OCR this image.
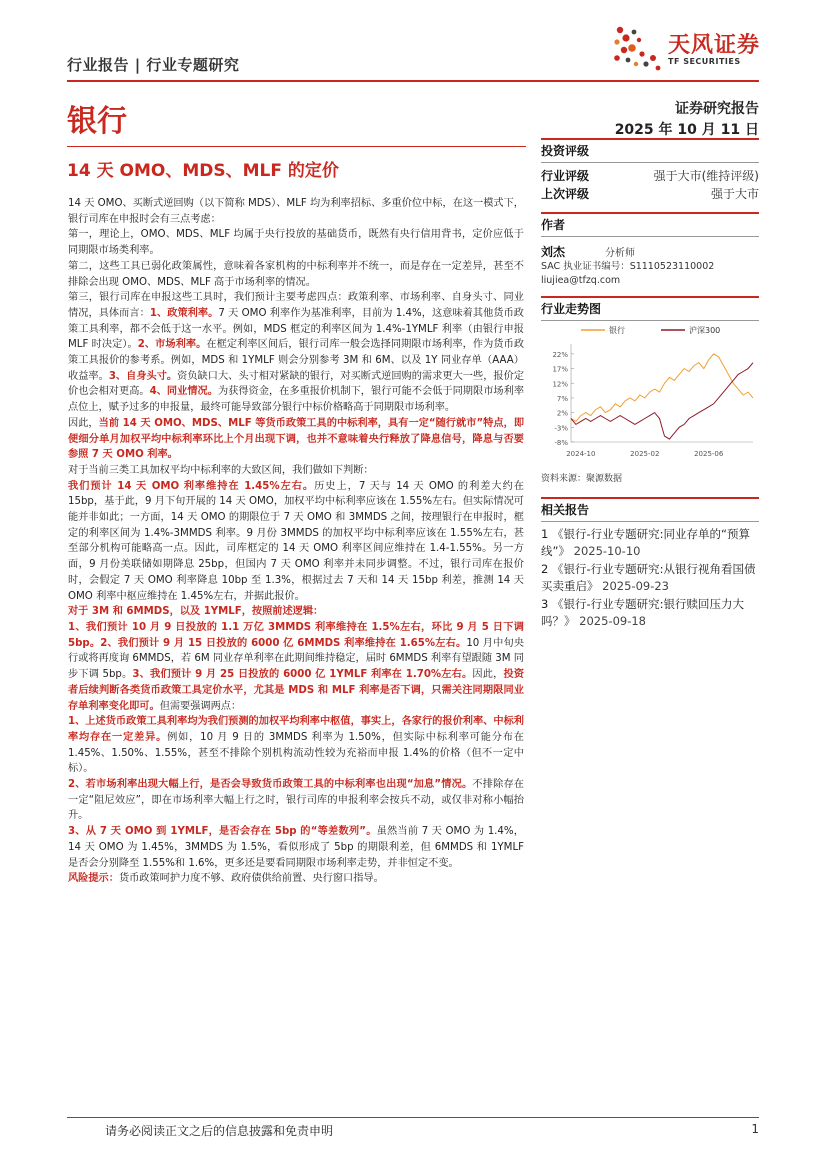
行业报告 | 行业专题研究
天风证券
TF SECURITIES
银行	证券研究报告
2025 年 10 月 11 日
14 天 OMO、MDS、MLF 的定价

14 天 OMO、买断式逆回购（以下简称 MDS）、MLF 均为利率招标、多重价位中标，在这一模式下，银行司库在申报时会有三点考虑：

第一，理论上，OMO、MDS、MLF 均属于央行投放的基础货币，既然有央行信用背书，定价应低于同期限市场类利率。

第二，这些工具已弱化政策属性，意味着各家机构的中标利率并不统一，而是存在一定差异，甚至不排除会出现 OMO、MDS、MLF 高于市场利率的情况。

第三，银行司库在申报这些工具时，我们预计主要考虑四点：政策利率、市场利率、自身头寸、同业情况，具体而言：1、政策利率。7 天 OMO 利率作为基准利率，目前为 1.4%，这意味着其他货币政策工具利率，都不会低于这一水平。例如，MDS 框定的利率区间为 1.4%-1YMLF 利率（由银行申报 MLF 时决定）。2、市场利率。在框定利率区间后，银行司库一般会选择同期限市场利率，作为货币政策工具报价的参考系。例如，MDS 和 1YMLF 则会分别参考 3M 和 6M、以及 1Y 同业存单（AAA）收益率。3、自身头寸。资负缺口大、头寸相对紧缺的银行，对买断式逆回购的需求更大一些，报价定价也会相对更高。4、同业情况。为获得资金，在多重报价机制下，银行可能不会低于同期限市场利率点位上，赋予过多的申报量，最终可能导致部分银行中标价格略高于同期限市场利率。

因此，当前 14 天 OMO、MDS、MLF 等货币政策工具的中标利率，具有一定“随行就市”特点，即便细分单月加权平均中标利率环比上个月出现下调，也并不意味着央行释放了降息信号，降息与否要参照 7 天 OMO 利率。

对于当前三类工具加权平均中标利率的大致区间，我们做如下判断：

我们预计 14 天 OMO 利率维持在 1.45%左右。历史上，7 天与 14 天 OMO 的利差大约在 15bp，基于此，9 月下旬开展的 14 天 OMO，加权平均中标利率应该在 1.55%左右。但实际情况可能并非如此；一方面，14 天 OMO 的期限位于 7 天 OMO 和 3MMDS 之间，按理银行在申报时，框定的利率区间为 1.4%-3MMDS 利率。9 月份 3MMDS 的加权平均中标利率应该在 1.55%左右，甚至部分机构可能略高一点。因此，司库框定的 14 天 OMO 利率区间应维持在 1.4-1.55%。另一方面，9 月份美联储如期降息 25bp，但国内 7 天 OMO 利率并未同步调整。不过，银行司库在报价时，会假定 7 天 OMO 利率降息 10bp 至 1.3%，根据过去 7 天和 14 天 15bp 利差，推测 14 天 OMO 利率中枢应维持在 1.45%左右，并据此报价。

对于 3M 和 6MMDS，以及 1YMLF，按照前述逻辑：

1、我们预计 10 月 9 日投放的 1.1 万亿 3MMDS 利率维持在 1.5%左右，环比 9 月 5 日下调 5bp。2、我们预计 9 月 15 日投放的 6000 亿 6MMDS 利率维持在 1.65%左右。10 月中旬央行或将再度询 6MMDS，若 6M 同业存单利率在此期间维持稳定，届时 6MMDS 利率有望跟随 3M 同步下调 5bp。3、我们预计 9 月 25 日投放的 6000 亿 1YMLF 利率在 1.70%左右。因此，投资者后续判断各类货币政策工具定价水平，尤其是 MDS 和 MLF 利率是否下调，只需关注同期限同业存单利率变化即可。但需要强调两点：

1、上述货币政策工具利率均为我们预测的加权平均利率中枢值，事实上，各家行的报价利率、中标利率均存在一定差异。例如，10 月 9 日的 3MMDS 利率为 1.50%，但实际中标利率可能分布在 1.45%、1.50%、1.55%，甚至不排除个别机构流动性较为充裕而申报 1.4%的价格（但不一定中标）。

2、若市场利率出现大幅上行，是否会导致货币政策工具的中标利率也出现“加息”情况。不排除存在一定“阻尼效应”，即在市场利率大幅上行之时，银行司库的申报利率会按兵不动，或仅非对称小幅抬升。

3、从 7 天 OMO 到 1YMLF，是否会存在 5bp 的“等差数列”。虽然当前 7 天 OMO 为 1.4%，14 天 OMO 为 1.45%，3MMDS 为 1.5%，看似形成了 5bp 的期限利差，但 6MMDS 和 1YMLF 是否会分别降至 1.55%和 1.6%，更多还是要看同期限市场利率走势，并非恒定不变。

风险提示：货币政策呵护力度不够、政府债供给前置、央行窗口指导。

投资评级
行业评级	强于大市(维持评级)
上次评级	强于大市
作者
刘杰	分析师
SAC 执业证书编号：S1110523110002
liujiea@tfzq.com
行业走势图
银行	沪深300
22%
17%
12%
7%
2%
-3%
-8%
2024-10	2025-02	2025-06
资料来源：聚源数据
相关报告
1 《银行-行业专题研究:同业存单的“预算线”》 2025-10-10
2 《银行-行业专题研究:从银行视角看国债买卖重启》 2025-09-23
3 《银行-行业专题研究:银行赎回压力大吗？》 2025-09-18
请务必阅读正文之后的信息披露和免责申明	1
